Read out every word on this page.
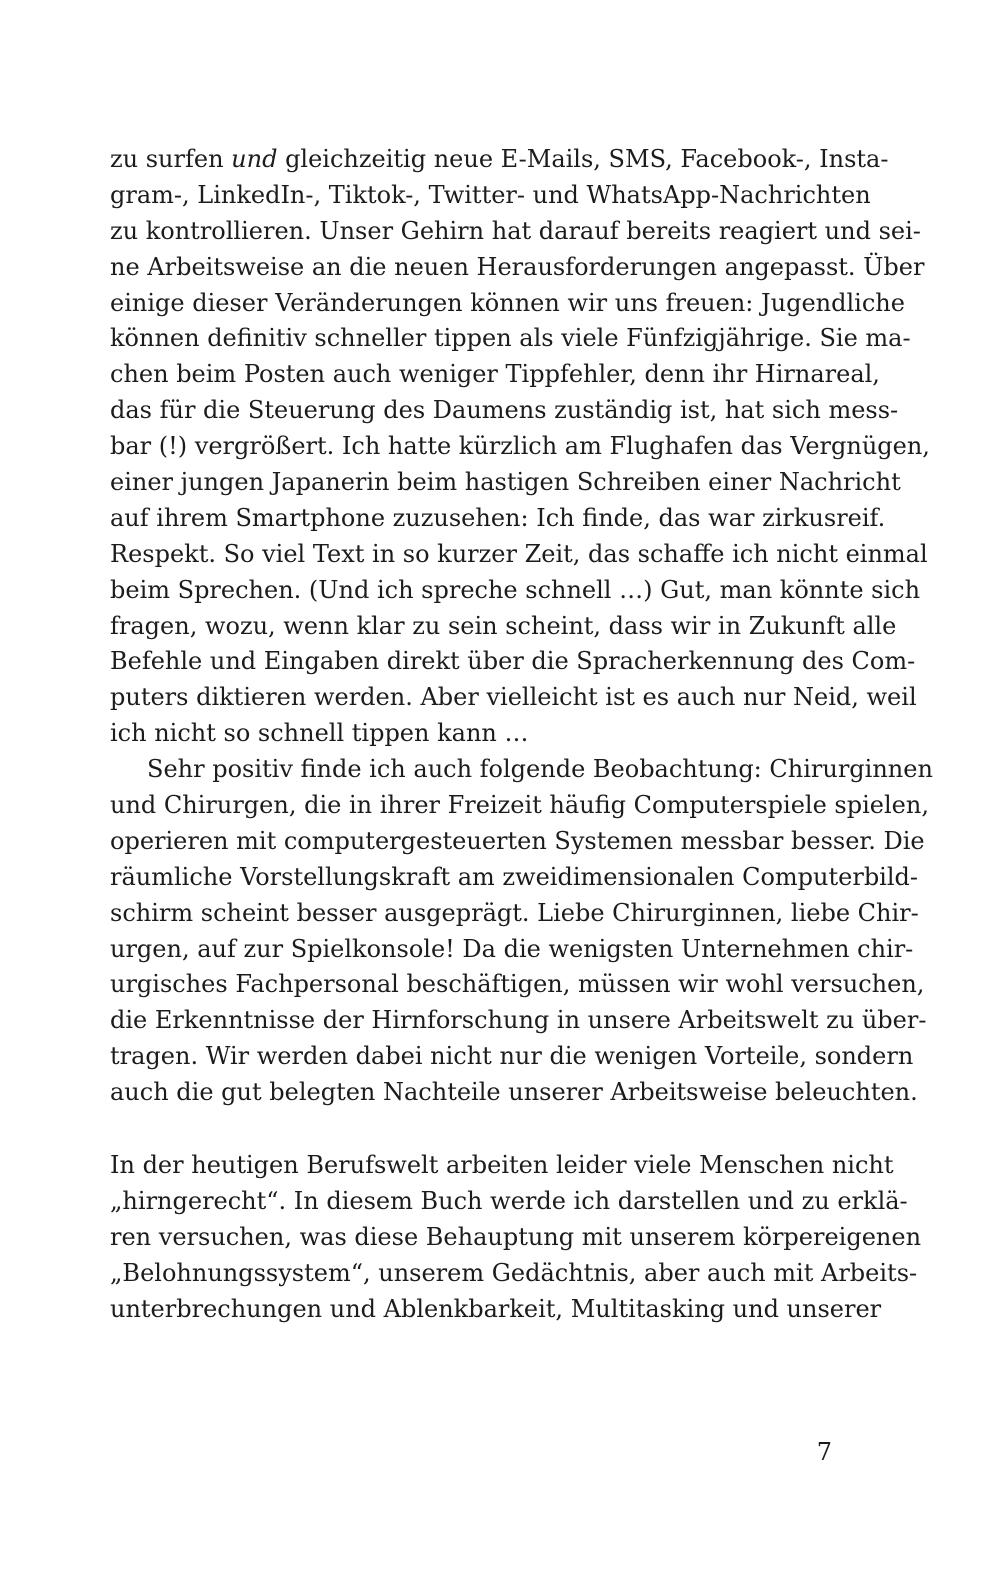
zu surfen und gleichzeitig neue E-Mails, SMS, Facebook-, Insta-
gram-, LinkedIn-, Tiktok-, Twitter- und WhatsApp-Nachrichten
zu kontrollieren. Unser Gehirn hat darauf bereits reagiert und sei-
ne Arbeitsweise an die neuen Herausforderungen angepasst. Über
einige dieser Veränderungen können wir uns freuen: Jugendliche
können definitiv schneller tippen als viele Fünfzigjährige. Sie ma-
chen beim Posten auch weniger Tippfehler, denn ihr Hirnareal,
das für die Steuerung des Daumens zuständig ist, hat sich mess-
bar (!) vergrößert. Ich hatte kürzlich am Flughafen das Vergnügen,
einer jungen Japanerin beim hastigen Schreiben einer Nachricht
auf ihrem Smartphone zuzusehen: Ich finde, das war zirkusreif.
Respekt. So viel Text in so kurzer Zeit, das schaffe ich nicht einmal
beim Sprechen. (Und ich spreche schnell …) Gut, man könnte sich
fragen, wozu, wenn klar zu sein scheint, dass wir in Zukunft alle
Befehle und Eingaben direkt über die Spracherkennung des Com-
puters diktieren werden. Aber vielleicht ist es auch nur Neid, weil
ich nicht so schnell tippen kann …
Sehr positiv finde ich auch folgende Beobachtung: Chirurginnen
und Chirurgen, die in ihrer Freizeit häufig Computerspiele spielen,
operieren mit computergesteuerten Systemen messbar besser. Die
räumliche Vorstellungskraft am zweidimensionalen Computerbild-
schirm scheint besser ausgeprägt. Liebe Chirurginnen, liebe Chir-
urgen, auf zur Spielkonsole! Da die wenigsten Unternehmen chir-
urgisches Fachpersonal beschäftigen, müssen wir wohl versuchen,
die Erkenntnisse der Hirnforschung in unsere Arbeitswelt zu über-
tragen. Wir werden dabei nicht nur die wenigen Vorteile, sondern
auch die gut belegten Nachteile unserer Arbeitsweise beleuchten.
In der heutigen Berufswelt arbeiten leider viele Menschen nicht
„hirngerecht“. In diesem Buch werde ich darstellen und zu erklä-
ren versuchen, was diese Behauptung mit unserem körpereigenen
„Belohnungssystem“, unserem Gedächtnis, aber auch mit Arbeits-
unterbrechungen und Ablenkbarkeit, Multitasking und unserer
7
